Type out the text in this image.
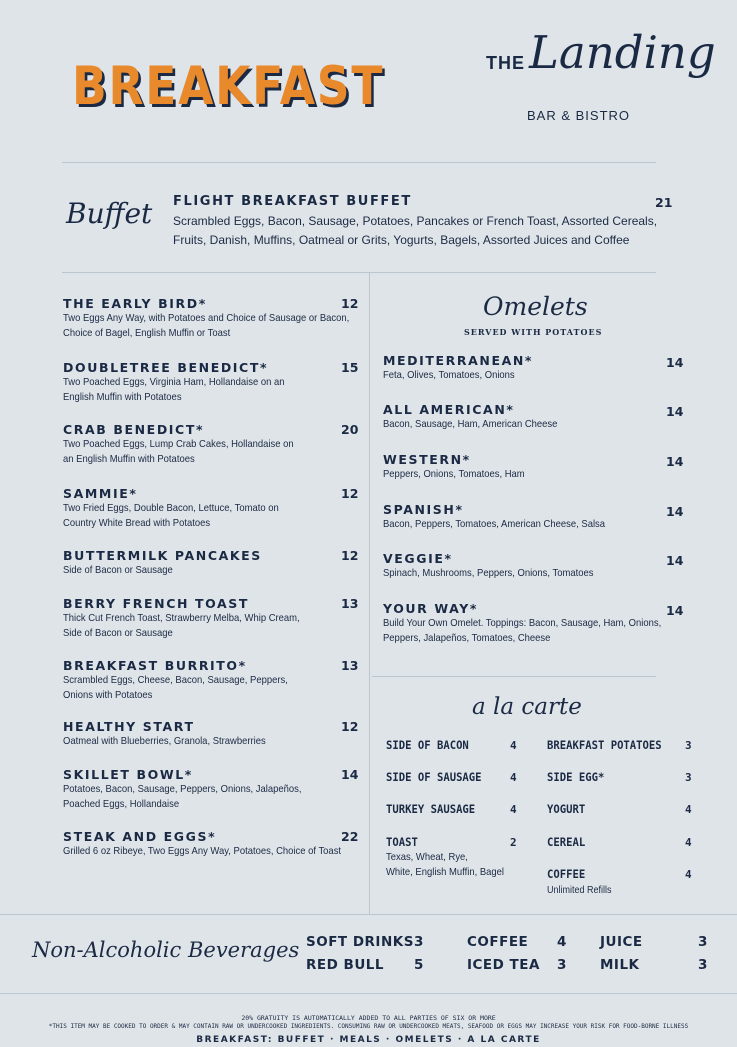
BREAKFAST	THE Landing
BAR & BISTRO
Buffet FLIGHT BREAKFAST BUFFET	21
Scrambled Eggs, Bacon, Sausage, Potatoes, Pancakes or French Toast, Assorted Cereals,
Fruits, Danish, Muffins, Oatmeal or Grits, Yogurts, Bagels, Assorted Juices and Coffee
THE EARLY BIRD*	12
Two Eggs Any Way, with Potatoes and Choice of Sausage or Bacon,
Choice of Bagel, English Muffin or Toast
DOUBLETREE BENEDICT*	15
Two Poached Eggs, Virginia Ham, Hollandaise on an
English Muffin with Potatoes
CRAB BENEDICT*	20
Two Poached Eggs, Lump Crab Cakes, Hollandaise on
an English Muffin with Potatoes
SAMMIE*	12
Two Fried Eggs, Double Bacon, Lettuce, Tomato on
Country White Bread with Potatoes
BUTTERMILK PANCAKES	12
Side of Bacon or Sausage
BERRY FRENCH TOAST	13
Thick Cut French Toast, Strawberry Melba, Whip Cream,
Side of Bacon or Sausage
BREAKFAST BURRITO*	13
Scrambled Eggs, Cheese, Bacon, Sausage, Peppers,
Onions with Potatoes
HEALTHY START	12
Oatmeal with Blueberries, Granola, Strawberries
SKILLET BOWL*	14
Potatoes, Bacon, Sausage, Peppers, Onions, Jalapeños,
Poached Eggs, Hollandaise
STEAK AND EGGS*	22
Grilled 6 oz Ribeye, Two Eggs Any Way, Potatoes, Choice of Toast
Omelets
SERVED WITH POTATOES
MEDITERRANEAN*	14
Feta, Olives, Tomatoes, Onions
ALL AMERICAN*	14
Bacon, Sausage, Ham, American Cheese
WESTERN*	14
Peppers, Onions, Tomatoes, Ham
SPANISH*	14
Bacon, Peppers, Tomatoes, American Cheese, Salsa
VEGGIE*	14
Spinach, Mushrooms, Peppers, Onions, Tomatoes
YOUR WAY*	14
Build Your Own Omelet. Toppings: Bacon, Sausage, Ham, Onions,
Peppers, Jalapeños, Tomatoes, Cheese
a la carte
SIDE OF BACON	4
SIDE OF SAUSAGE	4
TURKEY SAUSAGE	4
TOAST	2
Texas, Wheat, Rye,
White, English Muffin, Bagel
BREAKFAST POTATOES 3
SIDE EGG*	3
YOGURT	4
CEREAL	4
COFFEE	4
Unlimited Refills
Non-Alcoholic Beverages SOFT DRINKS 3
RED BULL 5
COFFEE 4
ICED TEA 3
JUICE	3
MILK	3
20% GRATUITY IS AUTOMATICALLY ADDED TO ALL PARTIES OF SIX OR MORE
*THIS ITEM MAY BE COOKED TO ORDER & MAY CONTAIN RAW OR UNDERCOOKED INGREDIENTS. CONSUMING RAW OR UNDERCOOKED MEATS, SEAFOOD OR EGGS MAY INCREASE YOUR RISK FOR FOOD-BORNE ILLNESS
BREAKFAST: BUFFET · MEALS · OMELETS · A LA CARTE
